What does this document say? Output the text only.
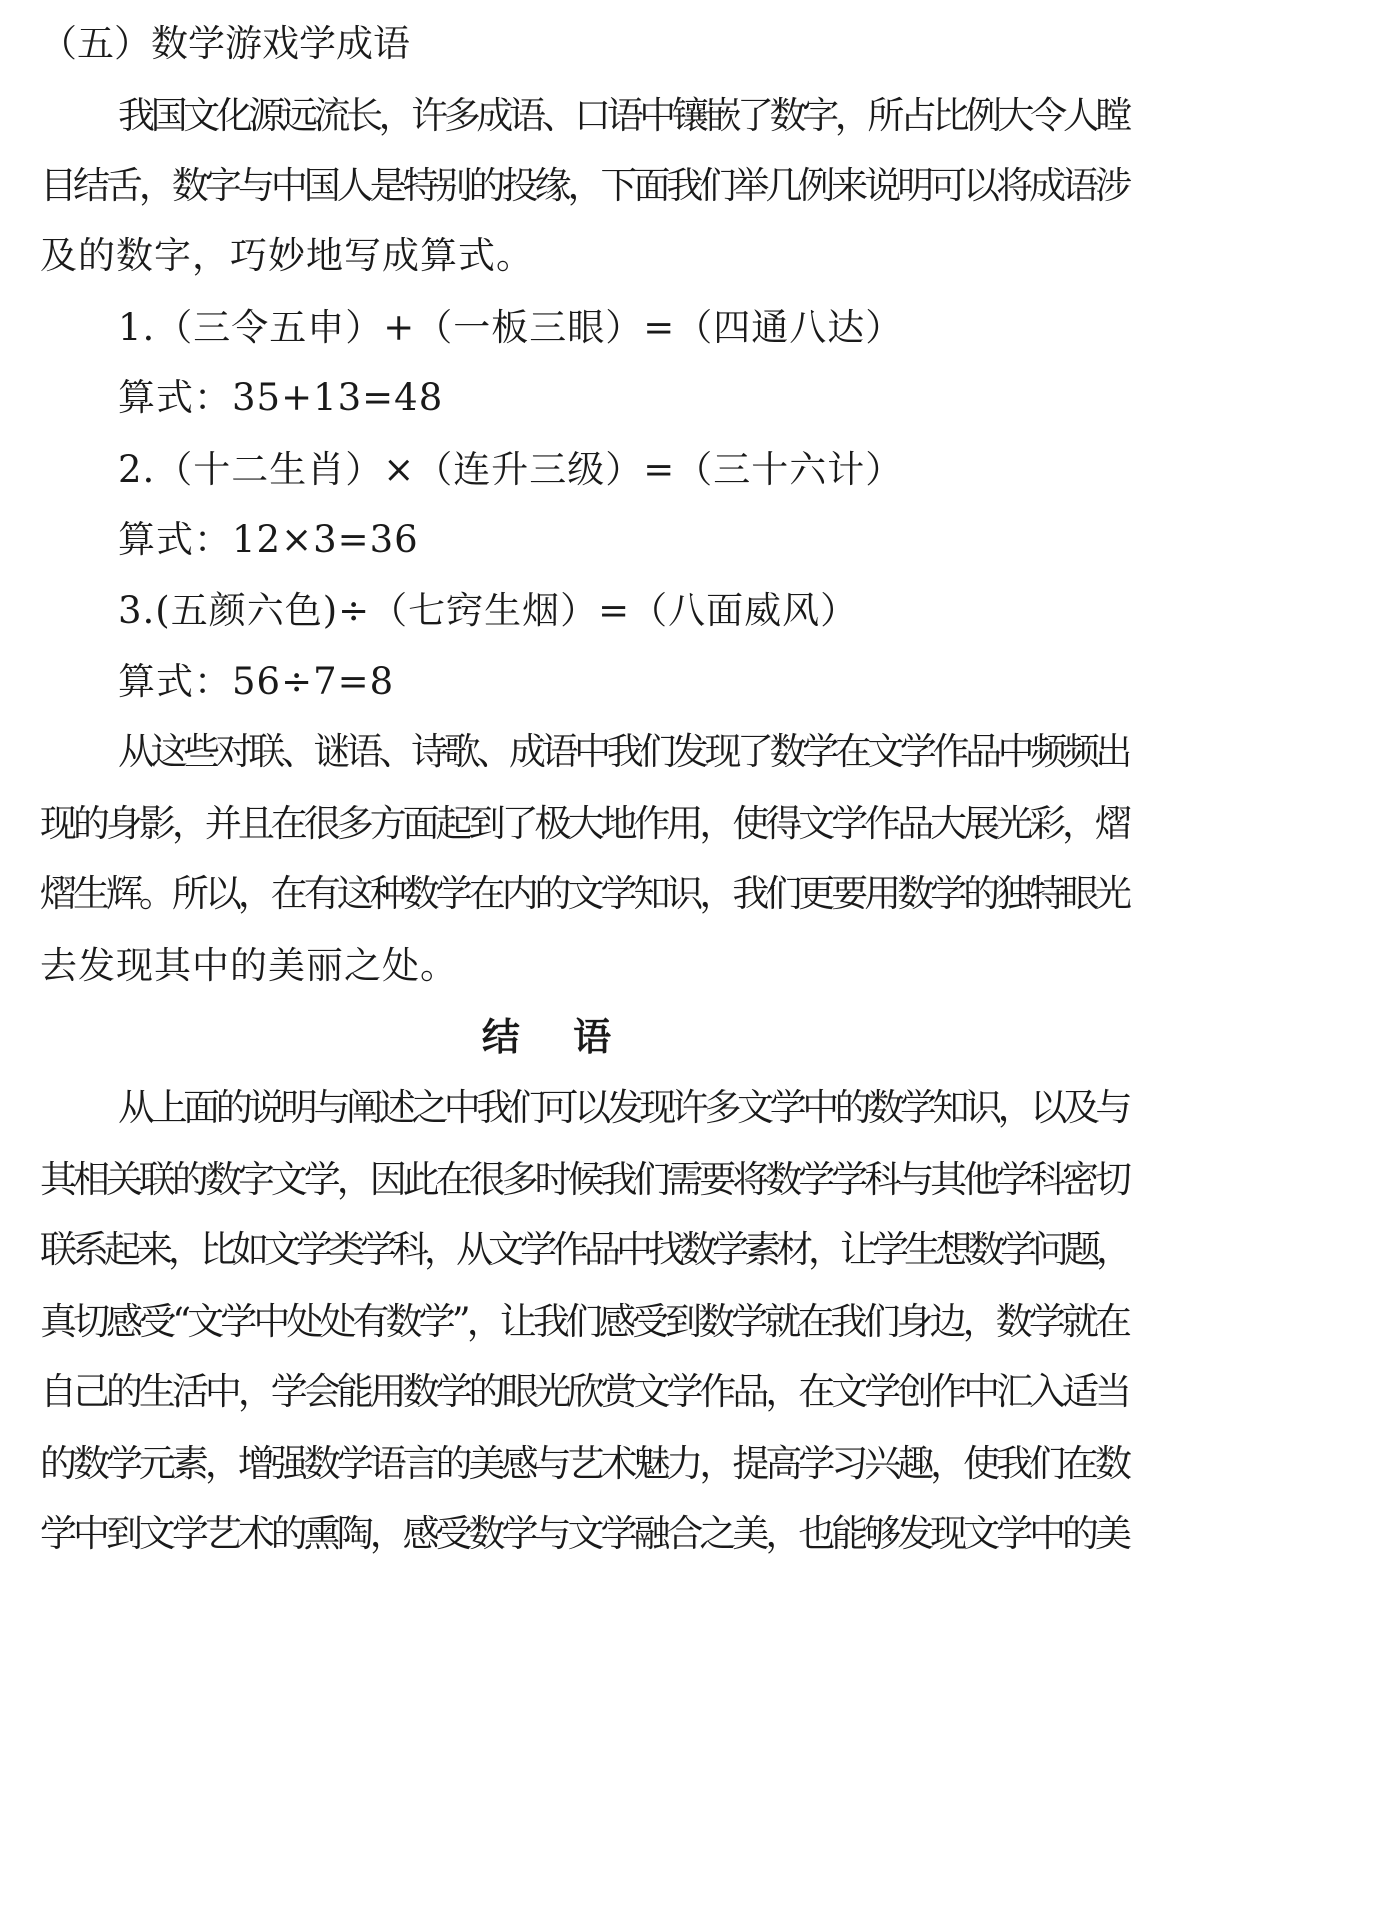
（五）数学游戏学成语
我国文化源远流长，许多成语、口语中镶嵌了数字，所占比例大令人瞠
目结舌，数字与中国人是特别的投缘，下面我们举几例来说明可以将成语涉
及的数字，巧妙地写成算式。
1.（三令五申）+（一板三眼）=（四通八达）
算式：35+13=48
2.（十二生肖）×（连升三级）=（三十六计）
算式：12×3=36
3.(五颜六色)÷（七窍生烟）=（八面威风）
算式：56÷7=8
从这些对联、谜语、诗歌、成语中我们发现了数学在文学作品中频频出
现的身影，并且在很多方面起到了极大地作用，使得文学作品大展光彩，熠
熠生辉。所以，在有这种数学在内的文学知识，我们更要用数学的独特眼光
去发现其中的美丽之处。
结 语
从上面的说明与阐述之中我们可以发现许多文学中的数学知识，以及与
其相关联的数字文学，因此在很多时候我们需要将数学学科与其他学科密切
联系起来，比如文学类学科，从文学作品中找数学素材，让学生想数学问题，
真切感受“文学中处处有数学”，让我们感受到数学就在我们身边，数学就在
自己的生活中，学会能用数学的眼光欣赏文学作品，在文学创作中汇入适当
的数学元素，增强数学语言的美感与艺术魅力，提高学习兴趣，使我们在数
学中到文学艺术的熏陶，感受数学与文学融合之美，也能够发现文学中的美
